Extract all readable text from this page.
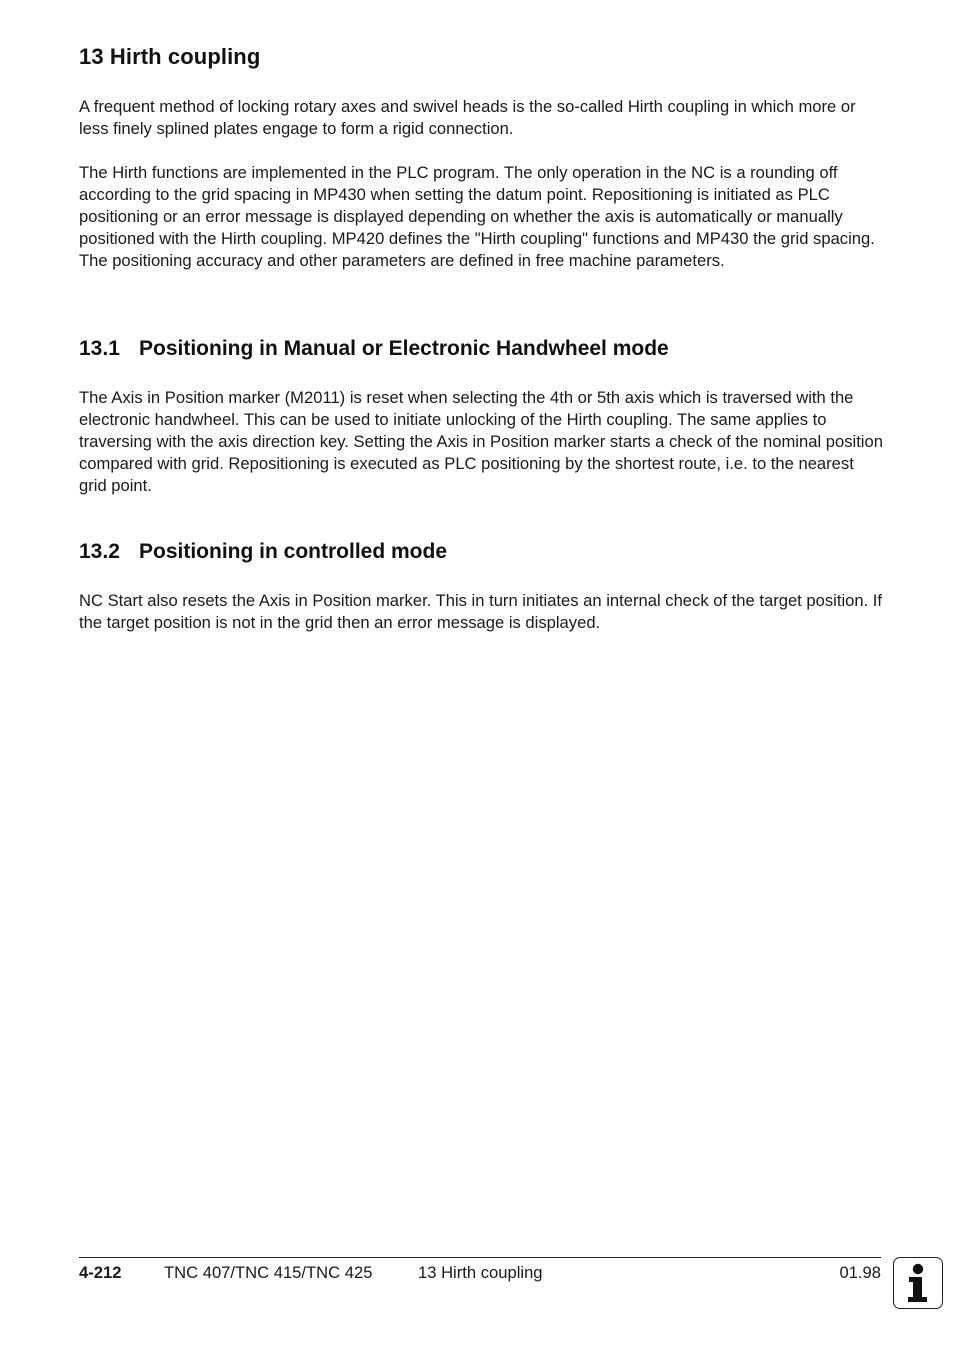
13 Hirth coupling

A frequent method of locking rotary axes and swivel heads is the so-called Hirth coupling in which more or less finely splined plates engage to form a rigid connection.

The Hirth functions are implemented in the PLC program. The only operation in the NC is a rounding off according to the grid spacing in MP430 when setting the datum point. Repositioning is initiated as PLC positioning or an error message is displayed depending on whether the axis is automatically or manually positioned with the Hirth coupling. MP420 defines the "Hirth coupling" functions and MP430 the grid spacing. The positioning accuracy and other parameters are defined in free machine parameters.

13.1 Positioning in Manual or Electronic Handwheel mode

The Axis in Position marker (M2011) is reset when selecting the 4th or 5th axis which is traversed with the electronic handwheel. This can be used to initiate unlocking of the Hirth coupling. The same applies to traversing with the axis direction key. Setting the Axis in Position marker starts a check of the nominal position compared with grid. Repositioning is executed as PLC positioning by the shortest route, i.e. to the nearest grid point.

13.2 Positioning in controlled mode

NC Start also resets the Axis in Position marker. This in turn initiates an internal check of the target position. If the target position is not in the grid then an error message is displayed.

4-212	TNC 407/TNC 415/TNC 425	13 Hirth coupling	01.98
